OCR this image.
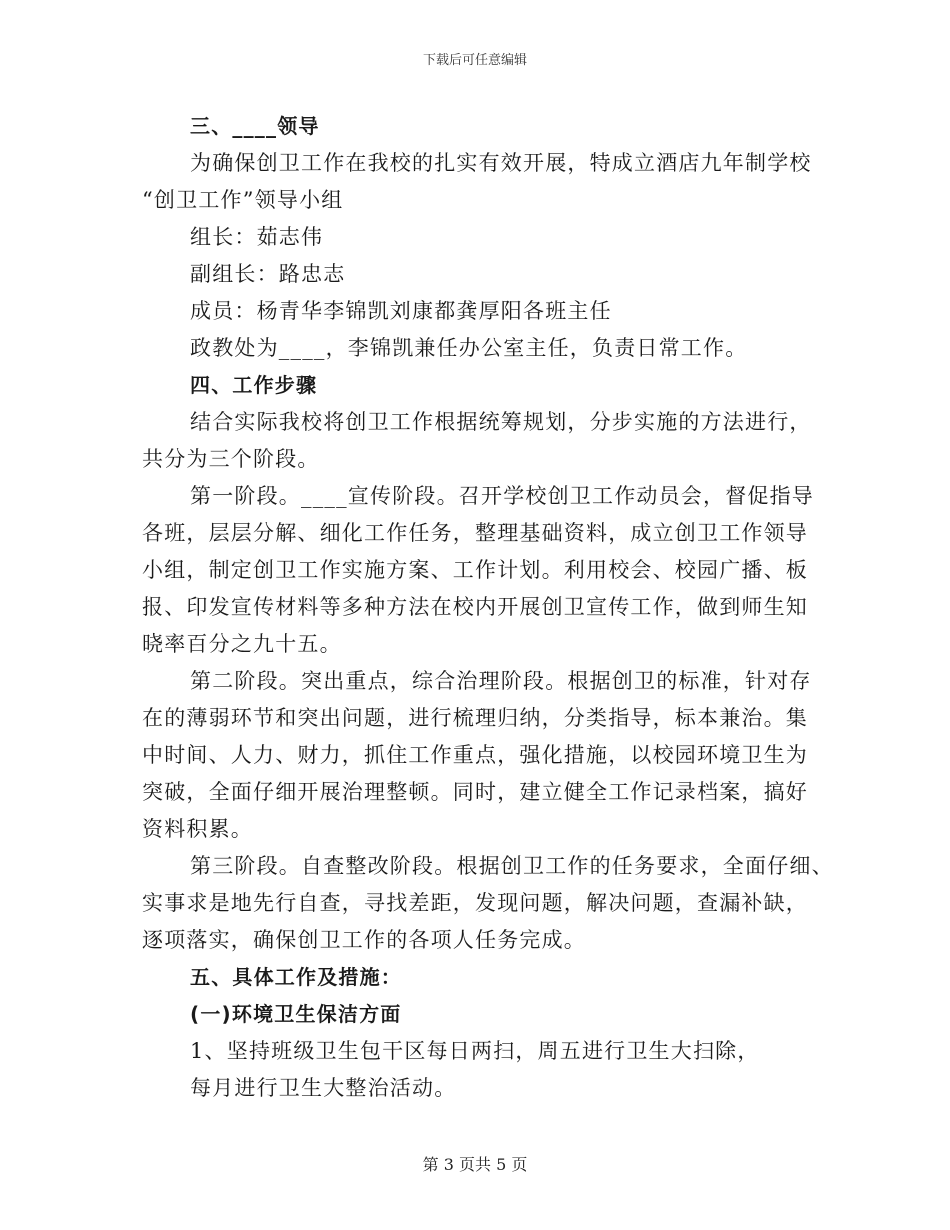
下载后可任意编辑
三、____领导
为确保创卫工作在我校的扎实有效开展，特成立酒店九年制学校
“创卫工作”领导小组
组长：茹志伟
副组长：路忠志
成员：杨青华李锦凯刘康都龚厚阳各班主任
政教处为____，李锦凯兼任办公室主任，负责日常工作。
四、工作步骤
结合实际我校将创卫工作根据统筹规划，分步实施的方法进行，
共分为三个阶段。
第一阶段。____宣传阶段。召开学校创卫工作动员会，督促指导
各班，层层分解、细化工作任务，整理基础资料，成立创卫工作领导
小组，制定创卫工作实施方案、工作计划。利用校会、校园广播、板
报、印发宣传材料等多种方法在校内开展创卫宣传工作，做到师生知
晓率百分之九十五。
第二阶段。突出重点，综合治理阶段。根据创卫的标准，针对存
在的薄弱环节和突出问题，进行梳理归纳，分类指导，标本兼治。集
中时间、人力、财力，抓住工作重点，强化措施，以校园环境卫生为
突破，全面仔细开展治理整顿。同时，建立健全工作记录档案，搞好
资料积累。
第三阶段。自查整改阶段。根据创卫工作的任务要求，全面仔细、
实事求是地先行自查，寻找差距，发现问题，解决问题，查漏补缺，
逐项落实，确保创卫工作的各项人任务完成。
五、具体工作及措施：
(一)环境卫生保洁方面
1、坚持班级卫生包干区每日两扫，周五进行卫生大扫除，
每月进行卫生大整治活动。
第 3 页共 5 页
